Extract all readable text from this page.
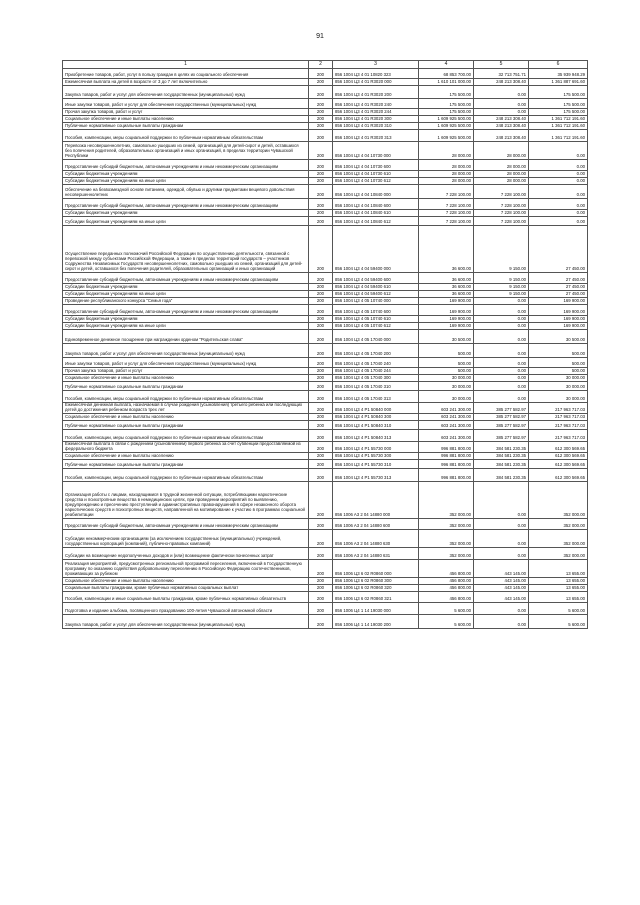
91
1	2	3	4	5	6
Приобретение товаров, работ, услуг в пользу граждан в целях их социального обеспечения	200	856 1004 Ц3 4 01 10820 323	68 853 700.00	32 713 751.71	35 939 948.29
Ежемесячная выплата на детей в возрасте от 3 до 7 лет включительно	200	856 1004 Ц3 4 01 R3020 000	1 610 101 000.00	248 213 308.40	1 361 887 691.60
Закупка товаров, работ и услуг для обеспечения государственных (муниципальных) нужд	200	856 1004 Ц3 4 01 R3020 200	175 500.00	0.00	175 500.00
Иные закупки товаров, работ и услуг для обеспечения государственных (муниципальных) нужд	200	856 1004 Ц3 4 01 R3020 240	175 500.00	0.00	175 500.00
Прочая закупка товаров, работ и услуг	200	856 1004 Ц3 4 01 R3020 244	175 500.00	0.00	175 500.00
Социальное обеспечение и иные выплаты населению	200	856 1004 Ц3 4 01 R3020 300	1 609 925 500.00	248 213 308.40	1 361 712 191.60
Публичные нормативные социальные выплаты гражданам	200	856 1004 Ц3 4 01 R3020 310	1 609 925 500.00	248 213 308.40	1 361 712 191.60
Пособия, компенсации, меры социальной поддержки по публичным нормативным обязательствам	200	856 1004 Ц3 4 01 R3020 313	1 609 925 500.00	248 213 308.40	1 361 712 191.60
Перевозка несовершеннолетних, самовольно ушедших из семей, организаций для детей-сирот и детей, оставшихся без попечения родителей, образовательных организаций и иных организаций, в пределах территории Чувашской Республики	200	856 1004 Ц3 4 04 10730 000	28 000.00	28 000.00	0.00
Предоставление субсидий бюджетным, автономным учреждениям и иным некоммерческим организациям	200	856 1004 Ц3 4 04 10730 600	28 000.00	28 000.00	0.00
Субсидии бюджетным учреждениям	200	856 1004 Ц3 4 04 10730 610	28 000.00	28 000.00	0.00
Субсидии бюджетным учреждениям на иные цели	200	856 1004 Ц3 4 04 10730 612	28 000.00	28 000.00	0.00
Обеспечение на безвозмездной основе питанием, одеждой, обувью и другими предметами вещевого довольствия несовершеннолетних	200	856 1004 Ц3 4 04 10840 000	7 228 100.00	7 228 100.00	0.00
Предоставление субсидий бюджетным, автономным учреждениям и иным некоммерческим организациям	200	856 1004 Ц3 4 04 10840 600	7 228 100.00	7 228 100.00	0.00
Субсидии бюджетным учреждениям	200	856 1004 Ц3 4 04 10840 610	7 228 100.00	7 228 100.00	0.00
Субсидии бюджетным учреждениям на иные цели	200	856 1004 Ц3 4 04 10840 612	7 228 100.00	7 228 100.00	0.00
Осуществление переданных полномочий Российской Федерации по осуществлению деятельности, связанной с перевозкой между субъектами Российской Федерации, а также в пределах территорий государств – участников Содружества Независимых Государств несовершеннолетних, самовольно ушедших из семей, организаций для детей-сирот и детей, оставшихся без попечения родителей, образовательных организаций и иных организаций	200	856 1004 Ц3 4 04 59400 000	36 600.00	9 150.00	27 450.00
Предоставление субсидий бюджетным, автономным учреждениям и иным некоммерческим организациям	200	856 1004 Ц3 4 04 59400 600	36 600.00	9 150.00	27 450.00
Субсидии бюджетным учреждениям	200	856 1004 Ц3 4 04 59400 610	36 600.00	9 150.00	27 450.00
Субсидии бюджетным учреждениям на иные цели	200	856 1004 Ц3 4 04 59400 612	36 600.00	9 150.00	27 450.00
Проведение республиканского конкурса "Семья года"	200	856 1004 Ц3 4 05 10740 000	169 900.00	0.00	169 900.00
Предоставление субсидий бюджетным, автономным учреждениям и иным некоммерческим организациям	200	856 1004 Ц3 4 05 10740 600	169 900.00	0.00	169 900.00
Субсидии бюджетным учреждениям	200	856 1004 Ц3 4 05 10740 610	169 900.00	0.00	169 900.00
Субсидии бюджетным учреждениям на иные цели	200	856 1004 Ц3 4 05 10740 612	169 900.00	0.00	169 900.00
Единовременное денежное поощрение при награждении орденом "Родительская слава"	200	856 1004 Ц3 4 05 17040 000	30 500.00	0.00	30 500.00
Закупка товаров, работ и услуг для обеспечения государственных (муниципальных) нужд	200	856 1004 Ц3 4 05 17040 200	500.00	0.00	500.00
Иные закупки товаров, работ и услуг для обеспечения государственных (муниципальных) нужд	200	856 1004 Ц3 4 05 17040 240	500.00	0.00	500.00
Прочая закупка товаров, работ и услуг	200	856 1004 Ц3 4 05 17040 244	500.00	0.00	500.00
Социальное обеспечение и иные выплаты населению	200	856 1004 Ц3 4 05 17040 300	30 000.00	0.00	30 000.00
Публичные нормативные социальные выплаты гражданам	200	856 1004 Ц3 4 05 17040 310	30 000.00	0.00	30 000.00
Пособия, компенсации, меры социальной поддержки по публичным нормативным обязательствам	200	856 1004 Ц3 4 05 17040 313	30 000.00	0.00	30 000.00
Ежемесячная денежная выплата, назначаемая в случае рождения (усыновления) третьего ребенка или последующих детей до достижения ребенком возраста трех лет	200	856 1004 Ц3 4 P1 50840 000	603 241 300.00	385 277 582.97	217 963 717.03
Социальное обеспечение и иные выплаты населению	200	856 1004 Ц3 4 P1 50840 300	603 241 300.00	385 277 582.97	217 963 717.03
Публичные нормативные социальные выплаты гражданам	200	856 1004 Ц3 4 P1 50840 310	603 241 300.00	385 277 582.97	217 963 717.03
Пособия, компенсации, меры социальной поддержки по публичным нормативным обязательствам	200	856 1004 Ц3 4 P1 50840 313	603 241 300.00	385 277 582.97	217 963 717.03
Ежемесячная выплата в связи с рождением (усыновлением) первого ребенка за счет субвенции предоставляемой из федерального бюджета	200	856 1004 Ц3 4 P1 55730 000	996 881 800.00	384 581 230.35	612 300 569.65
Социальное обеспечение и иные выплаты населению	200	856 1004 Ц3 4 P1 55730 300	996 881 800.00	384 581 230.35	612 300 569.65
Публичные нормативные социальные выплаты гражданам	200	856 1004 Ц3 4 P1 55730 310	996 881 800.00	384 581 230.35	612 300 569.65
Пособия, компенсации, меры социальной поддержки по публичным нормативным обязательствам	200	856 1004 Ц3 4 P1 55730 313	996 881 800.00	384 581 230.35	612 300 569.65
Организация работы с лицами, находящимися в трудной жизненной ситуации, потребляющими наркотические средства и психотропные вещества в немедицинских целях, при проведении мероприятий по выявлению, предупреждению и пресечению преступлений и административных правонарушений в сфере незаконного оборота наркотических средств и психотропных веществ, направленной на мотивирование к участию в программах социальной реабилитации	200	856 1006 A3 2 04 14880 000	352 000.00	0.00	352 000.00
Предоставление субсидий бюджетным, автономным учреждениям и иным некоммерческим организациям	200	856 1006 A3 2 04 14880 600	352 000.00	0.00	352 000.00
Субсидии некоммерческим организациям (за исключением государственных (муниципальных) учреждений, государственных корпораций (компаний), публично-правовых компаний)	200	856 1006 A3 2 04 14880 630	352 000.00	0.00	352 000.00
Субсидии на возмещение недополученных доходов и (или) возмещение фактически понесенных затрат	200	856 1006 A3 2 04 14880 631	352 000.00	0.00	352 000.00
Реализация мероприятий, предусмотренных региональной программой переселения, включенной в Государственную программу по оказанию содействия добровольному переселению в Российскую Федерацию соотечественников, проживающих за рубежом	200	856 1006 Ц3 6 02 R0860 000	456 800.00	443 145.00	13 655.00
Социальное обеспечение и иные выплаты населению	200	856 1006 Ц3 6 02 R0860 300	456 800.00	443 145.00	13 655.00
Социальные выплаты гражданам, кроме публичных нормативных социальных выплат	200	856 1006 Ц3 6 02 R0860 320	456 800.00	443 145.00	13 655.00
Пособия, компенсации и иные социальные выплаты гражданам, кроме публичных нормативных обязательств	200	856 1006 Ц3 6 02 R0860 321	456 800.00	443 145.00	13 655.00
Подготовка и издание альбома, посвященного праздованию 100-летия Чувашской автономной области	200	856 1006 Ц4 1 14 19030 000	5 600.00	0.00	5 600.00
Закупка товаров, работ и услуг для обеспечения государственных (муниципальных) нужд	200	856 1006 Ц4 1 14 19030 200	5 600.00	0.00	5 600.00
